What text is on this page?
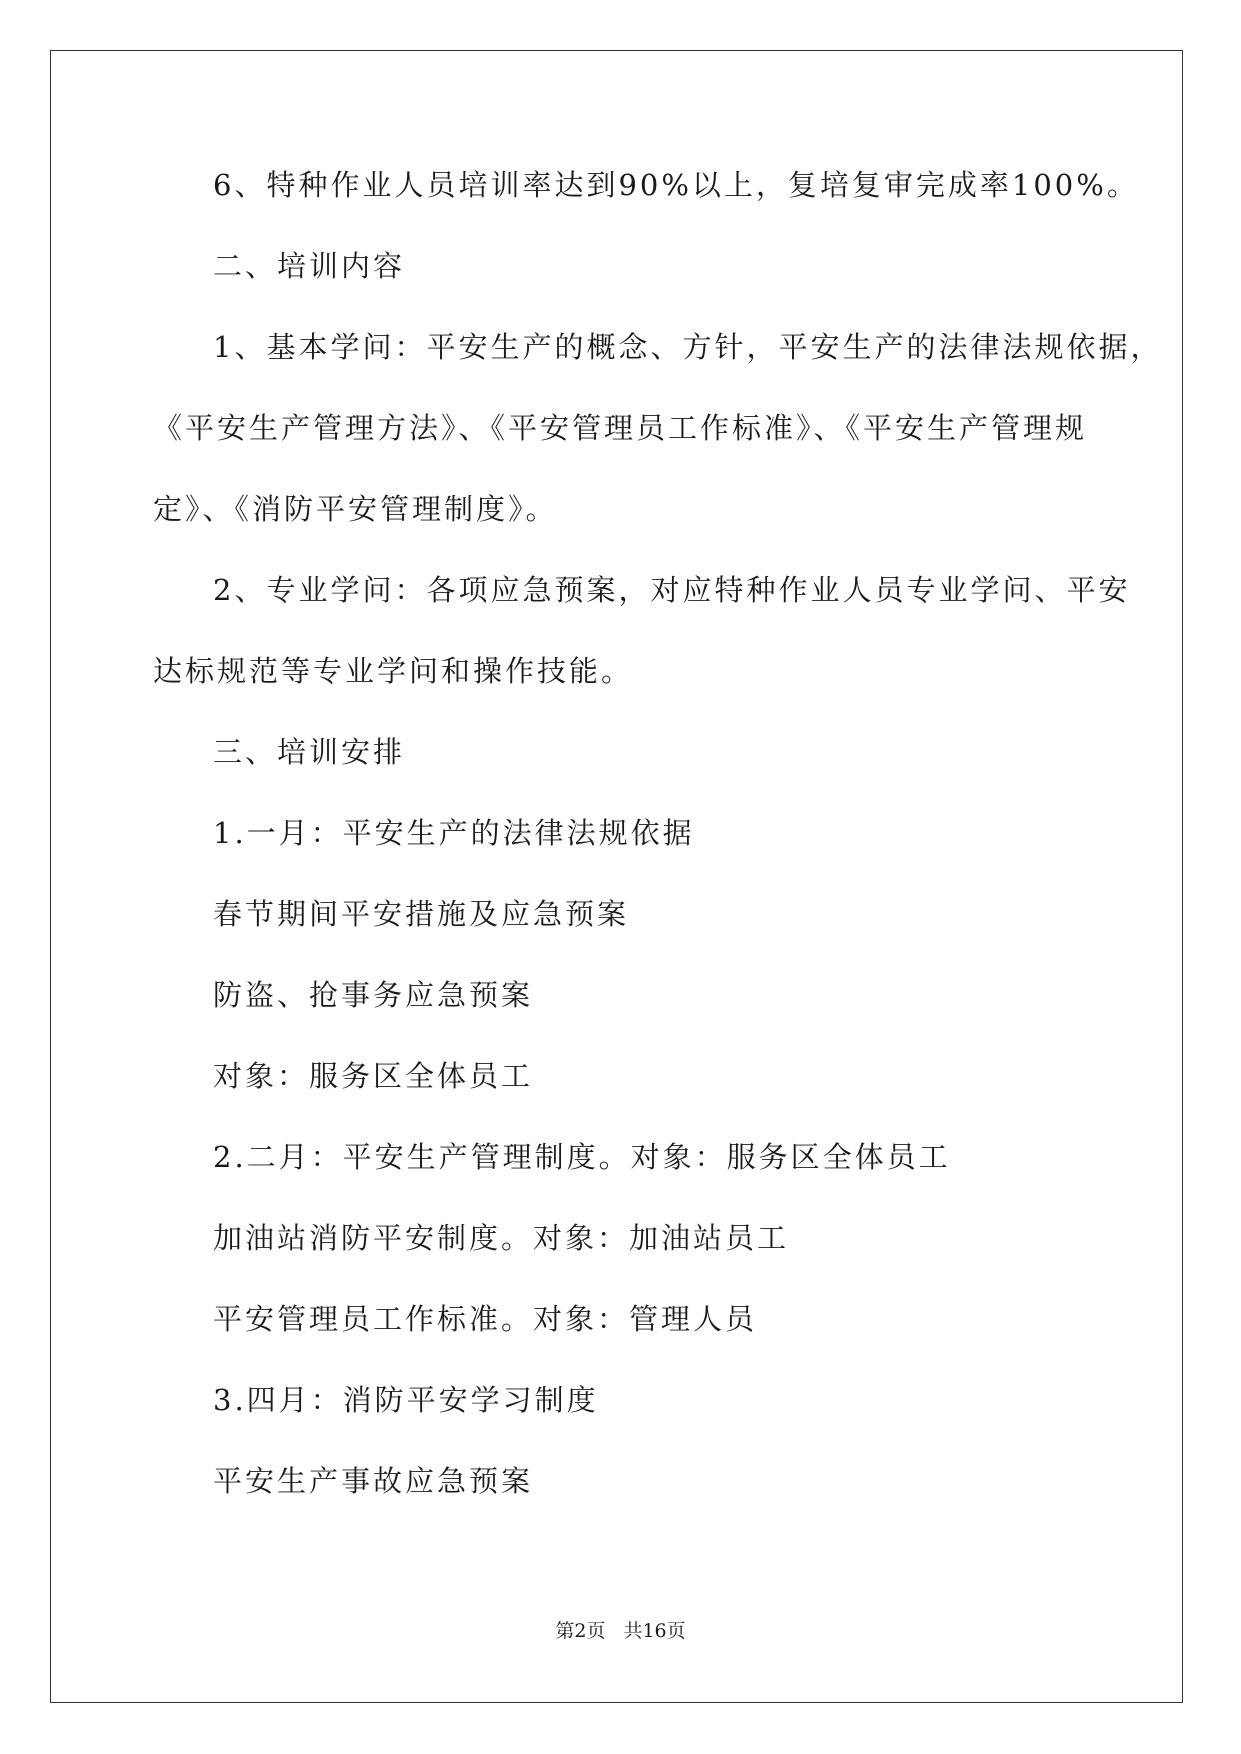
6、特种作业人员培训率达到90%以上，复培复审完成率100%。
二、培训内容
1、基本学问：平安生产的概念、方针，平安生产的法律法规依据，
《平安生产管理方法》、《平安管理员工作标准》、《平安生产管理规
定》、《消防平安管理制度》。
2、专业学问：各项应急预案，对应特种作业人员专业学问、平安
达标规范等专业学问和操作技能。
三、培训安排
1.一月：平安生产的法律法规依据
春节期间平安措施及应急预案
防盗、抢事务应急预案
对象：服务区全体员工
2.二月：平安生产管理制度。对象：服务区全体员工
加油站消防平安制度。对象：加油站员工
平安管理员工作标准。对象：管理人员
3.四月：消防平安学习制度
平安生产事故应急预案
第2页 共16页
